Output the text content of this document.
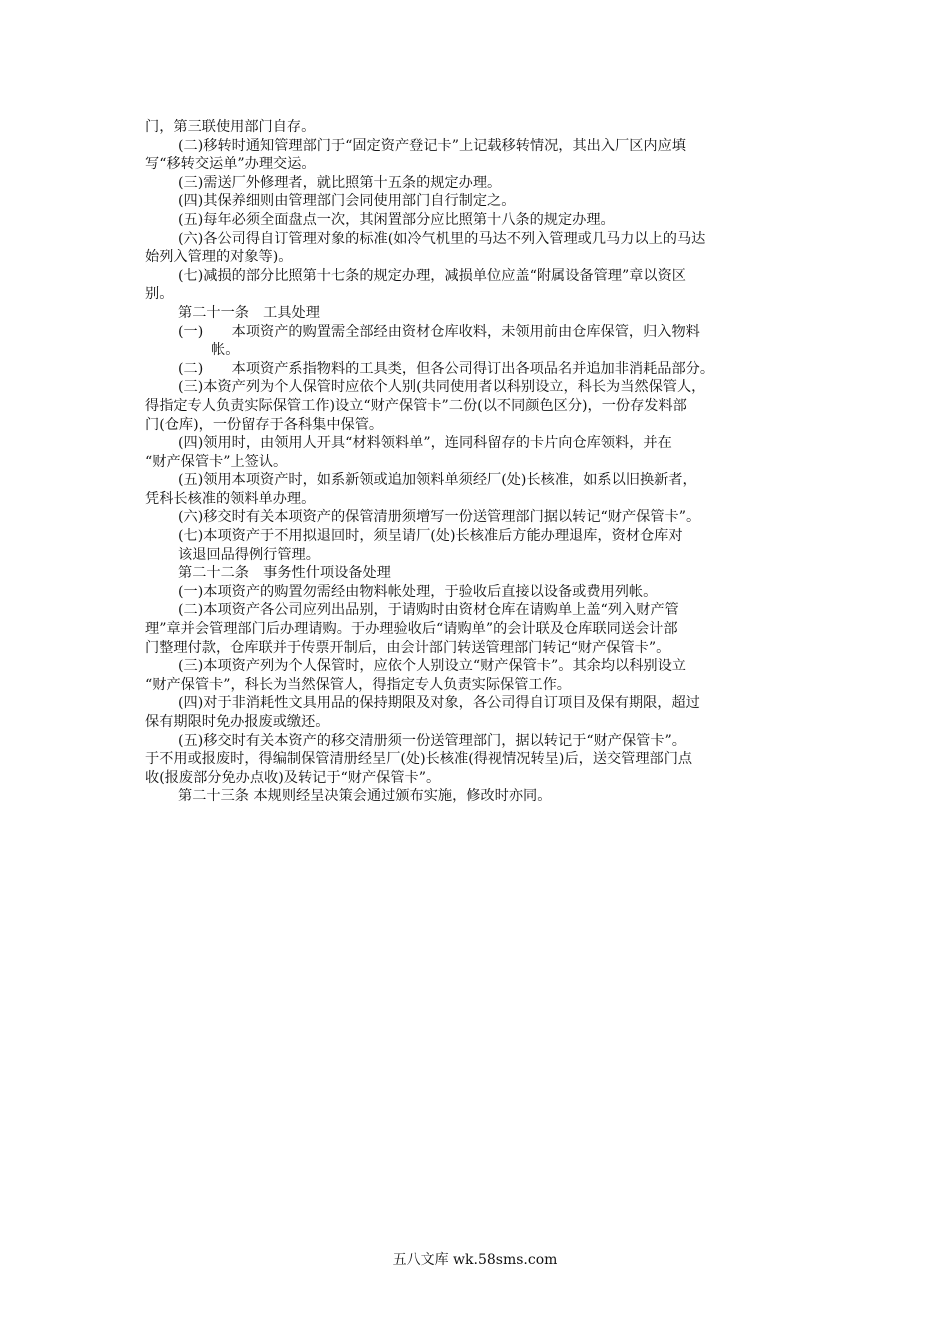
门，第三联使用部门自存。
(二)移转时通知管理部门于“固定资产登记卡”上记载移转情况，其出入厂区内应填
写“移转交运单”办理交运。
(三)需送厂外修理者，就比照第十五条的规定办理。
(四)其保养细则由管理部门会同使用部门自行制定之。
(五)每年必须全面盘点一次，其闲置部分应比照第十八条的规定办理。
(六)各公司得自订管理对象的标准(如冷气机里的马达不列入管理或几马力以上的马达
始列入管理的对象等)。
(七)减损的部分比照第十七条的规定办理，减损单位应盖“附属设备管理”章以资区
别。
第二十一条　工具处理
(一)　　本项资产的购置需全部经由资材仓库收料，未领用前由仓库保管，归入物料
帐。
(二)　　本项资产系指物料的工具类，但各公司得订出各项品名并追加非消耗品部分。
(三)本资产列为个人保管时应依个人别(共同使用者以科别设立，科长为当然保管人，
得指定专人负责实际保管工作)设立“财产保管卡”二份(以不同颜色区分)，一份存发料部
门(仓库)，一份留存于各科集中保管。
(四)领用时，由领用人开具“材料领料单”，连同科留存的卡片向仓库领料，并在
“财产保管卡”上签认。
(五)领用本项资产时，如系新领或追加领料单须经厂(处)长核准，如系以旧换新者，
凭科长核准的领料单办理。
(六)移交时有关本项资产的保管清册须增写一份送管理部门据以转记“财产保管卡”。
(七)本项资产于不用拟退回时，须呈请厂(处)长核准后方能办理退库，资材仓库对
该退回品得例行管理。
第二十二条　事务性什项设备处理
(一)本项资产的购置勿需经由物料帐处理，于验收后直接以设备或费用列帐。
(二)本项资产各公司应列出品别，于请购时由资材仓库在请购单上盖“列入财产管
理”章并会管理部门后办理请购。于办理验收后“请购单”的会计联及仓库联同送会计部
门整理付款，仓库联并于传票开制后，由会计部门转送管理部门转记“财产保管卡”。
(三)本项资产列为个人保管时，应依个人别设立“财产保管卡”。其余均以科别设立
“财产保管卡”，科长为当然保管人，得指定专人负责实际保管工作。
(四)对于非消耗性文具用品的保持期限及对象，各公司得自订项目及保有期限，超过
保有期限时免办报废或缴还。
(五)移交时有关本资产的移交清册须一份送管理部门，据以转记于“财产保管卡”。
于不用或报废时，得编制保管清册经呈厂(处)长核准(得视情况转呈)后，送交管理部门点
收(报废部分免办点收)及转记于“财产保管卡”。
第二十三条 本规则经呈决策会通过颁布实施，修改时亦同。
五八文库 wk.58sms.com
